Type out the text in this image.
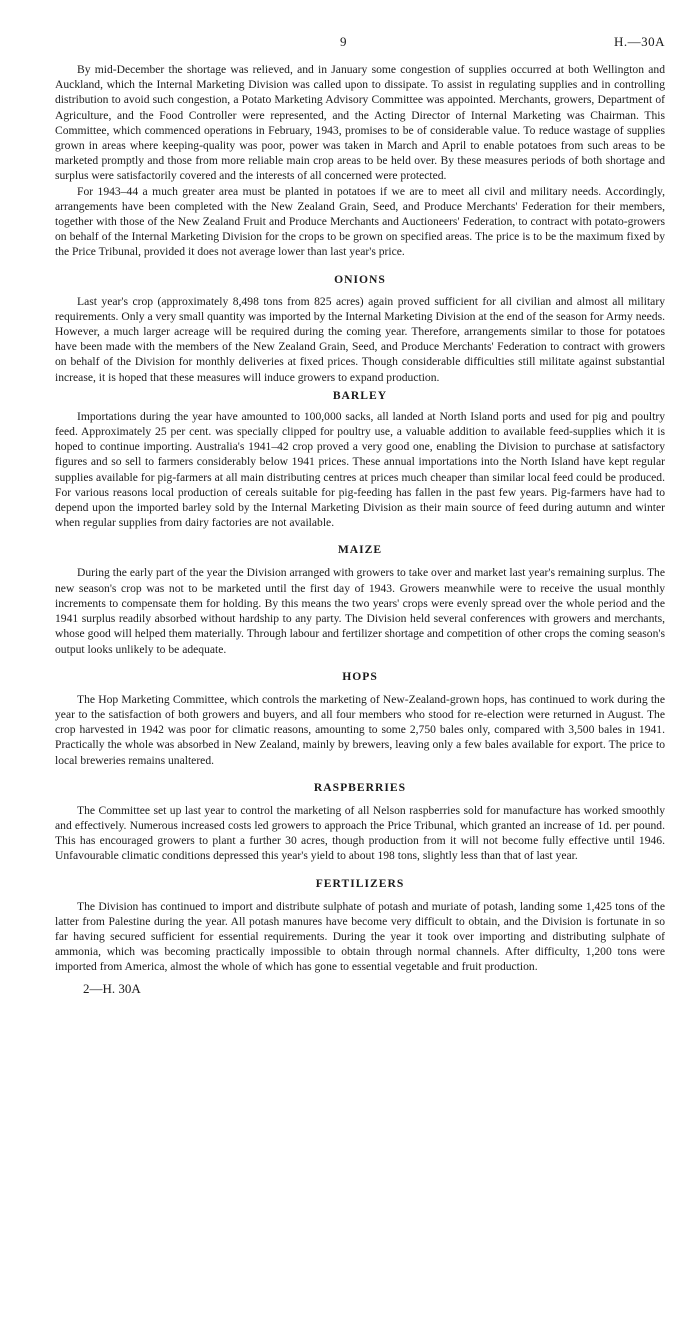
9	H.—30A

By mid-December the shortage was relieved, and in January some congestion of supplies occurred at both Wellington and Auckland, which the Internal Marketing Division was called upon to dissipate. To assist in regulating supplies and in controlling distribution to avoid such congestion, a Potato Marketing Advisory Committee was appointed. Merchants, growers, Department of Agriculture, and the Food Controller were represented, and the Acting Director of Internal Marketing was Chairman. This Committee, which commenced operations in February, 1943, promises to be of considerable value. To reduce wastage of supplies grown in areas where keeping-quality was poor, power was taken in March and April to enable potatoes from such areas to be marketed promptly and those from more reliable main crop areas to be held over. By these measures periods of both shortage and surplus were satisfactorily covered and the interests of all concerned were protected.

For 1943–44 a much greater area must be planted in potatoes if we are to meet all civil and military needs. Accordingly, arrangements have been completed with the New Zealand Grain, Seed, and Produce Merchants' Federation for their members, together with those of the New Zealand Fruit and Produce Merchants and Auctioneers' Federation, to contract with potato-growers on behalf of the Internal Marketing Division for the crops to be grown on specified areas. The price is to be the maximum fixed by the Price Tribunal, provided it does not average lower than last year's price.

ONIONS

Last year's crop (approximately 8,498 tons from 825 acres) again proved sufficient for all civilian and almost all military requirements. Only a very small quantity was imported by the Internal Marketing Division at the end of the season for Army needs. However, a much larger acreage will be required during the coming year. Therefore, arrangements similar to those for potatoes have been made with the members of the New Zealand Grain, Seed, and Produce Merchants' Federation to contract with growers on behalf of the Division for monthly deliveries at fixed prices. Though considerable difficulties still militate against substantial increase, it is hoped that these measures will induce growers to expand production.

BARLEY

Importations during the year have amounted to 100,000 sacks, all landed at North Island ports and used for pig and poultry feed. Approximately 25 per cent. was specially clipped for poultry use, a valuable addition to available feed-supplies which it is hoped to continue importing. Australia's 1941–42 crop proved a very good one, enabling the Division to purchase at satisfactory figures and so sell to farmers considerably below 1941 prices. These annual importations into the North Island have kept regular supplies available for pig-farmers at all main distributing centres at prices much cheaper than similar local feed could be produced. For various reasons local production of cereals suitable for pig-feeding has fallen in the past few years. Pig-farmers have had to depend upon the imported barley sold by the Internal Marketing Division as their main source of feed during autumn and winter when regular supplies from dairy factories are not available.

MAIZE

During the early part of the year the Division arranged with growers to take over and market last year's remaining surplus. The new season's crop was not to be marketed until the first day of 1943. Growers meanwhile were to receive the usual monthly increments to compensate them for holding. By this means the two years' crops were evenly spread over the whole period and the 1941 surplus readily absorbed without hardship to any party. The Division held several conferences with growers and merchants, whose good will helped them materially. Through labour and fertilizer shortage and competition of other crops the coming season's output looks unlikely to be adequate.

HOPS

The Hop Marketing Committee, which controls the marketing of New-Zealand-grown hops, has continued to work during the year to the satisfaction of both growers and buyers, and all four members who stood for re-election were returned in August. The crop harvested in 1942 was poor for climatic reasons, amounting to some 2,750 bales only, compared with 3,500 bales in 1941. Practically the whole was absorbed in New Zealand, mainly by brewers, leaving only a few bales available for export. The price to local breweries remains unaltered.

RASPBERRIES

The Committee set up last year to control the marketing of all Nelson raspberries sold for manufacture has worked smoothly and effectively. Numerous increased costs led growers to approach the Price Tribunal, which granted an increase of 1d. per pound. This has encouraged growers to plant a further 30 acres, though production from it will not become fully effective until 1946. Unfavourable climatic conditions depressed this year's yield to about 198 tons, slightly less than that of last year.

FERTILIZERS

The Division has continued to import and distribute sulphate of potash and muriate of potash, landing some 1,425 tons of the latter from Palestine during the year. All potash manures have become very difficult to obtain, and the Division is fortunate in so far having secured sufficient for essential requirements. During the year it took over importing and distributing sulphate of ammonia, which was becoming practically impossible to obtain through normal channels. After difficulty, 1,200 tons were imported from America, almost the whole of which has gone to essential vegetable and fruit production.

2—H. 30A
